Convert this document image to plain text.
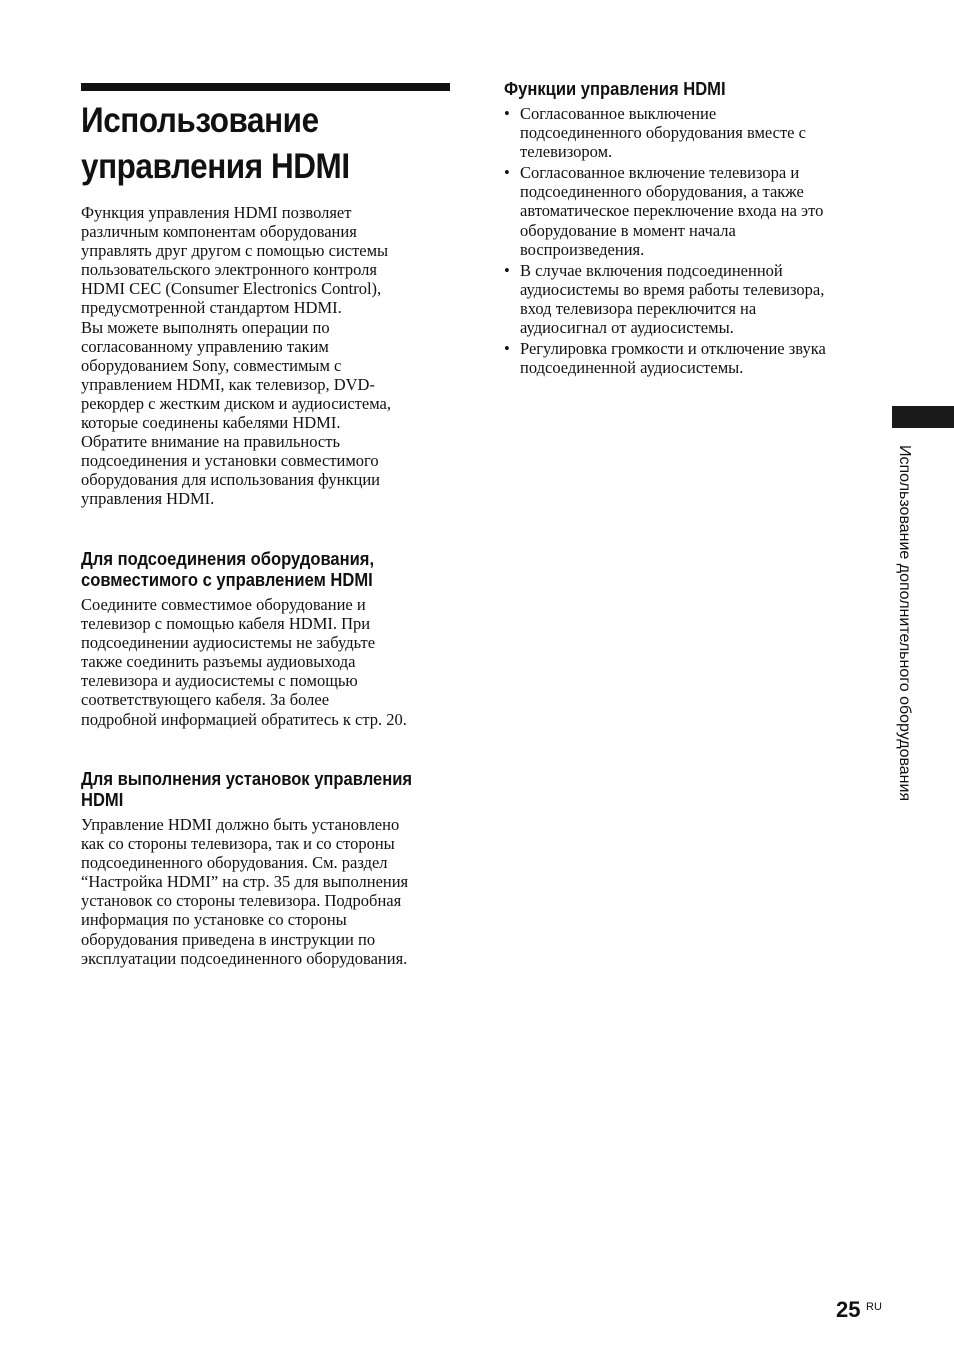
Использование
управления HDMI
Функция управления HDMI позволяет
различным компонентам оборудования
управлять друг другом с помощью системы
пользовательского электронного контроля
HDMI CEC (Consumer Electronics Control),
предусмотренной стандартом HDMI.
Вы можете выполнять операции по
согласованному управлению таким
оборудованием Sony, совместимым с
управлением HDMI, как телевизор, DVD-
рекордер с жестким диском и аудиосистема,
которые соединены кабелями HDMI.
Обратите внимание на правильность
подсоединения и установки совместимого
оборудования для использования функции
управления HDMI.
Для подсоединения оборудования,
совместимого с управлением HDMI
Соедините совместимое оборудование и
телевизор с помощью кабеля HDMI. При
подсоединении аудиосистемы не забудьте
также соединить разъемы аудиовыхода
телевизора и аудиосистемы с помощью
соответствующего кабеля. За более
подробной информацией обратитесь к стр. 20.
Для выполнения установок управления
HDMI
Управление HDMI должно быть установлено
как со стороны телевизора, так и со стороны
подсоединенного оборудования. См. раздел
“Настройка HDMI” на стр. 35 для выполнения
установок со стороны телевизора. Подробная
информация по установке со стороны
оборудования приведена в инструкции по
эксплуатации подсоединенного оборудования.
Функции управления HDMI
• Согласованное выключение
подсоединенного оборудования вместе с
телевизором.
• Согласованное включение телевизора и
подсоединенного оборудования, а также
автоматическое переключение входа на это
оборудование в момент начала
воспроизведения.
• В случае включения подсоединенной
аудиосистемы во время работы телевизора,
вход телевизора переключится на
аудиосигнал от аудиосистемы.
• Регулировка громкости и отключение звука
подсоединенной аудиосистемы.
Использование дополнительного оборудования
25 RU
